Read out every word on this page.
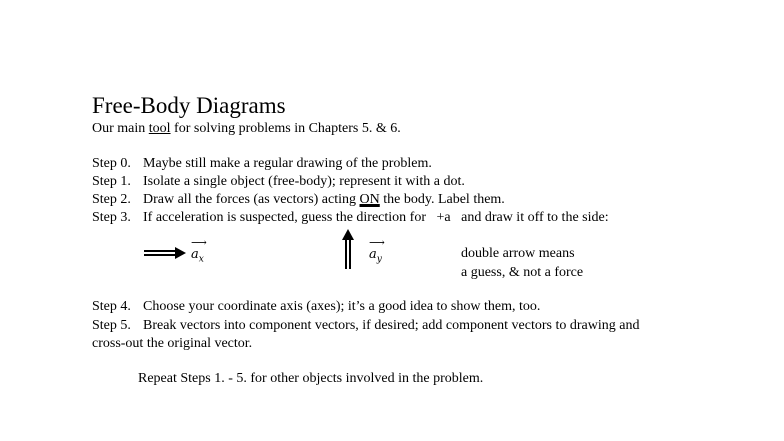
Free-Body Diagrams
Our main tool for solving problems in Chapters 5. & 6.
Step 0. Maybe still make a regular drawing of the problem.
Step 1. Isolate a single object (free-body); represent it with a dot.
Step 2. Draw all the forces (as vectors) acting ON the body. Label them.
Step 3. If acceleration is suspected, guess the direction for   +a   and draw it off to the side:
⟶
$a_x$
⟶
$a_y$	double arrow means
a guess, & not a force
Step 4. Choose your coordinate axis (axes); it’s a good idea to show them, too.
Step 5. Break vectors into component vectors, if desired; add component vectors to drawing and
cross-out the original vector.
Repeat Steps 1. - 5. for other objects involved in the problem.
